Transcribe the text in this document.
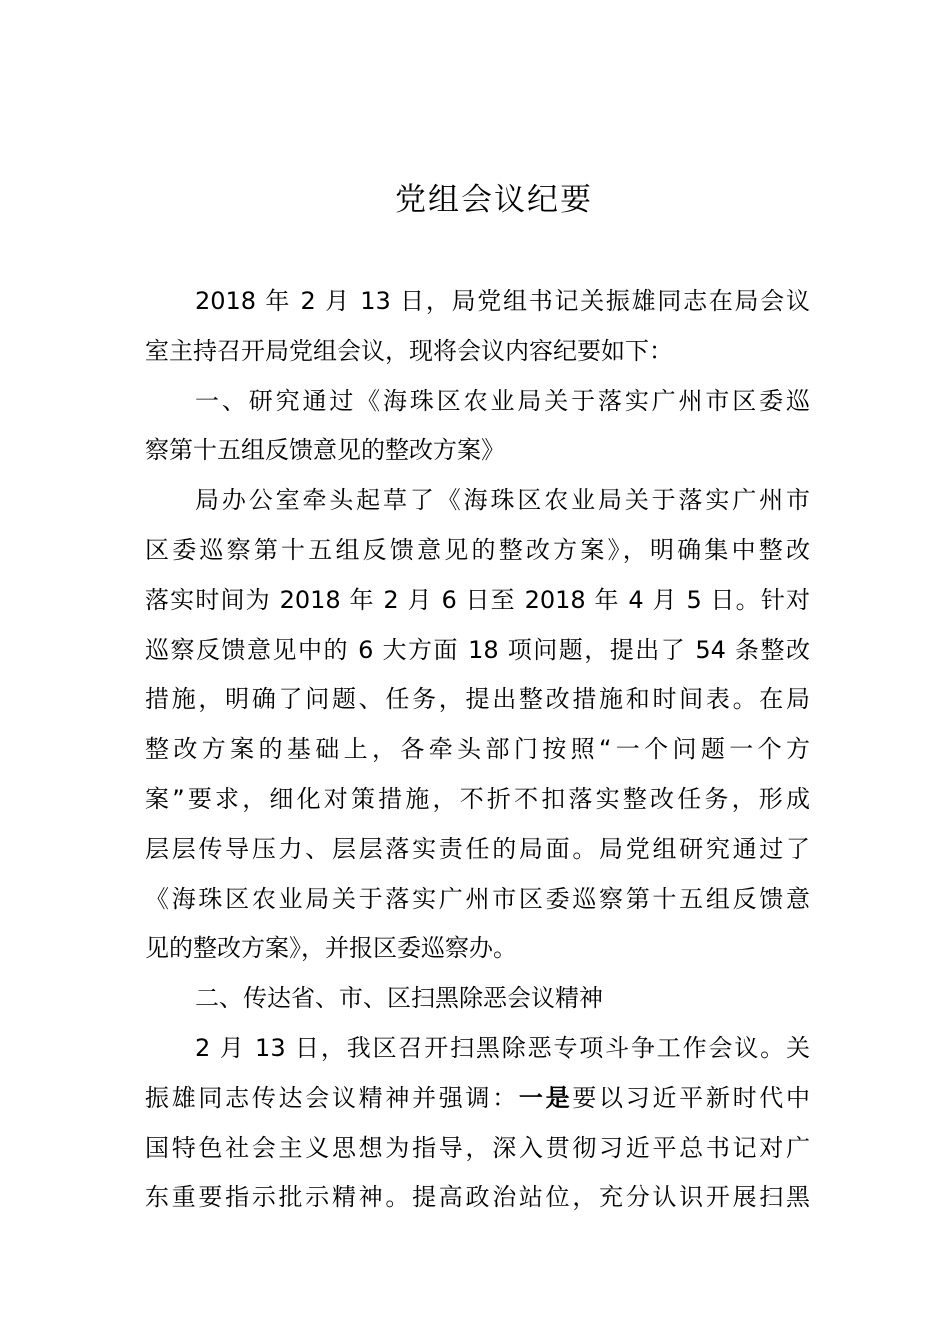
党组会议纪要
2018 年 2 月 13 日，局党组书记关振雄同志在局会议
室主持召开局党组会议，现将会议内容纪要如下：
一、研究通过《海珠区农业局关于落实广州市区委巡
察第十五组反馈意见的整改方案》
局办公室牵头起草了《海珠区农业局关于落实广州市
区委巡察第十五组反馈意见的整改方案》，明确集中整改
落实时间为 2018 年 2 月 6 日至 2018 年 4 月 5 日。针对
巡察反馈意见中的 6 大方面 18 项问题，提出了 54 条整改
措施，明确了问题、任务，提出整改措施和时间表。在局
整改方案的基础上，各牵头部门按照“一个问题一个方
案”要求，细化对策措施，不折不扣落实整改任务，形成
层层传导压力、层层落实责任的局面。局党组研究通过了
《海珠区农业局关于落实广州市区委巡察第十五组反馈意
见的整改方案》，并报区委巡察办。
二、传达省、市、区扫黑除恶会议精神
2 月 13 日，我区召开扫黑除恶专项斗争工作会议。关
振雄同志传达会议精神并强调：一是要以习近平新时代中
国特色社会主义思想为指导，深入贯彻习近平总书记对广
东重要指示批示精神。提高政治站位，充分认识开展扫黑
